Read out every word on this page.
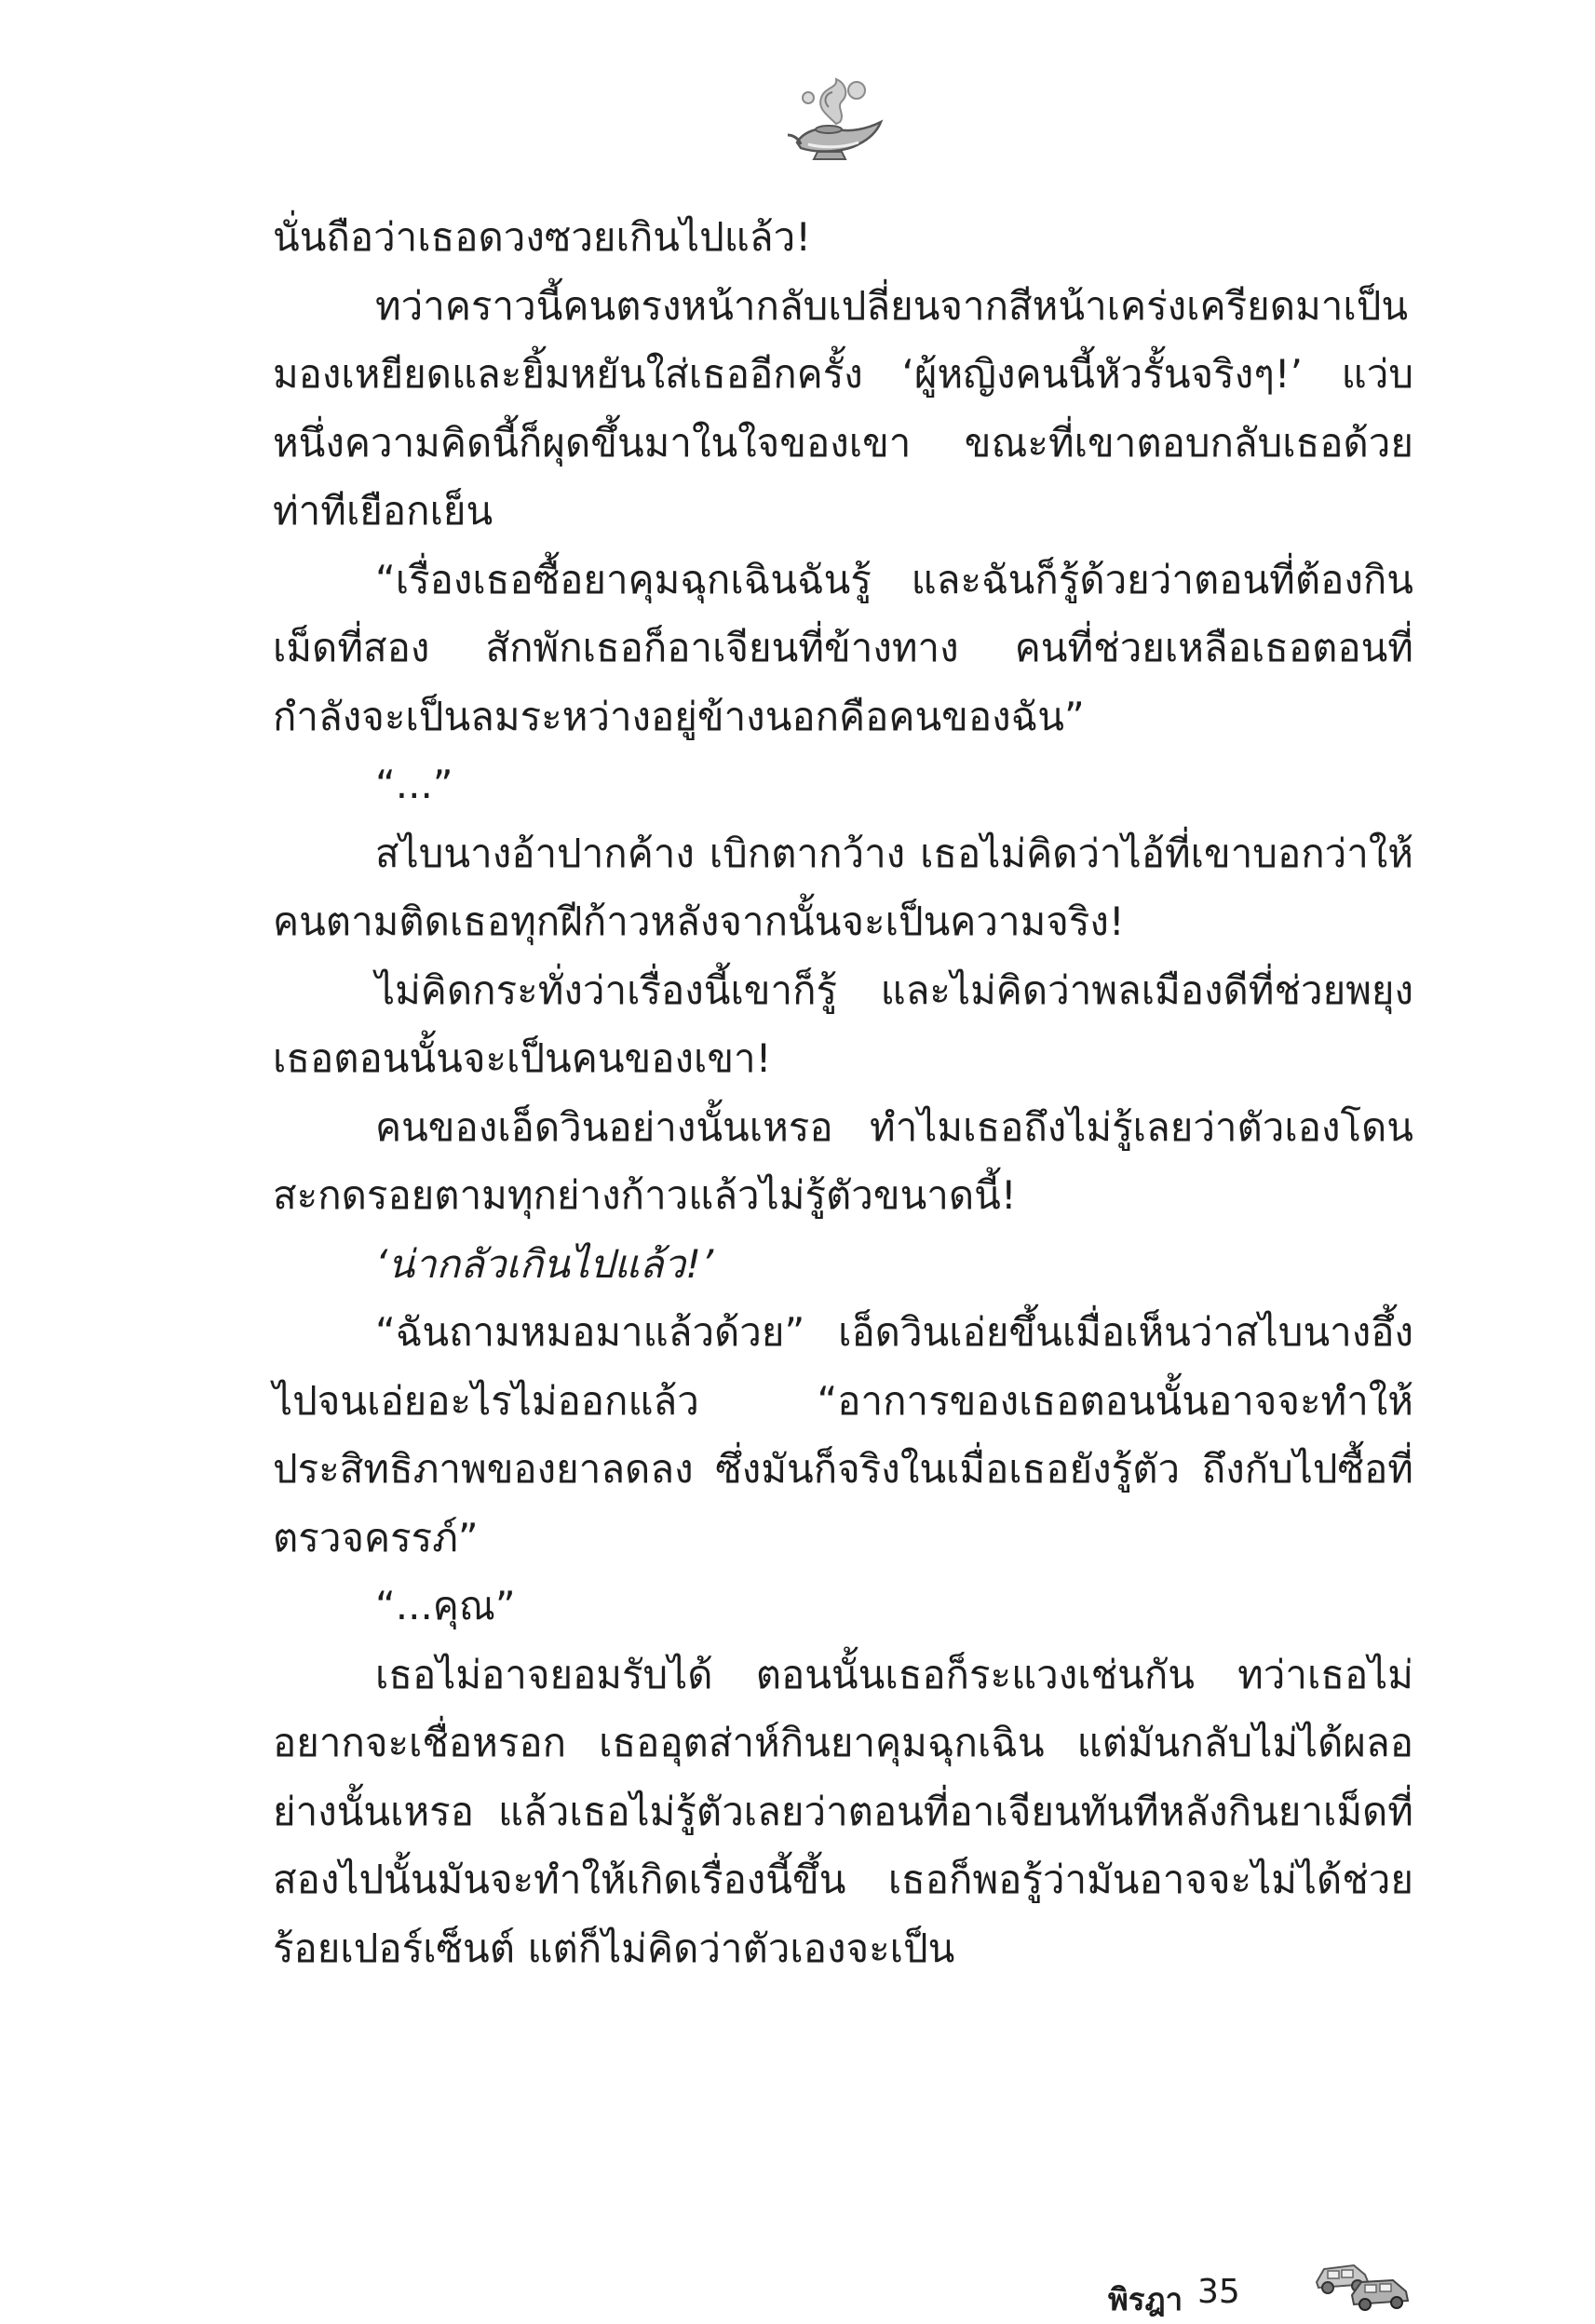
นั่นถือว่าเธอดวงซวยเกินไปแล้ว!

ทว่าคราวนี้คนตรงหน้ากลับเปลี่ยนจากสีหน้าเคร่งเครียดมาเป็นมองเหยียดและยิ้มหยันใส่เธออีกครั้ง ‘ผู้หญิงคนนี้หัวรั้นจริงๆ!’ แว่บหนึ่งความคิดนี้ก็ผุดขึ้นมาในใจของเขา ขณะที่เขาตอบกลับเธอด้วยท่าทีเยือกเย็น

“เรื่องเธอซื้อยาคุมฉุกเฉินฉันรู้ และฉันก็รู้ด้วยว่าตอนที่ต้องกินเม็ดที่สอง สักพักเธอก็อาเจียนที่ข้างทาง คนที่ช่วยเหลือเธอตอนที่กำลังจะเป็นลมระหว่างอยู่ข้างนอกคือคนของฉัน”

“...”

สไบนางอ้าปากค้าง เบิกตากว้าง เธอไม่คิดว่าไอ้ที่เขาบอกว่าให้คนตามติดเธอทุกฝีก้าวหลังจากนั้นจะเป็นความจริง!

ไม่คิดกระทั่งว่าเรื่องนี้เขาก็รู้ และไม่คิดว่าพลเมืองดีที่ช่วยพยุงเธอตอนนั้นจะเป็นคนของเขา!

คนของเอ็ดวินอย่างนั้นเหรอ ทำไมเธอถึงไม่รู้เลยว่าตัวเองโดนสะกดรอยตามทุกย่างก้าวแล้วไม่รู้ตัวขนาดนี้!

‘น่ากลัวเกินไปแล้ว!’

“ฉันถามหมอมาแล้วด้วย” เอ็ดวินเอ่ยขึ้นเมื่อเห็นว่าสไบนางอึ้งไปจนเอ่ยอะไรไม่ออกแล้ว “อาการของเธอตอนนั้นอาจจะทำให้ประสิทธิภาพของยาลดลง ซึ่งมันก็จริงในเมื่อเธอยังรู้ตัว ถึงกับไปซื้อที่ตรวจครรภ์”

“...คุณ”

เธอไม่อาจยอมรับได้ ตอนนั้นเธอก็ระแวงเช่นกัน ทว่าเธอไม่อยากจะเชื่อหรอก เธออุตส่าห์กินยาคุมฉุกเฉิน แต่มันกลับไม่ได้ผลอย่างนั้นเหรอ แล้วเธอไม่รู้ตัวเลยว่าตอนที่อาเจียนทันทีหลังกินยาเม็ดที่สองไปนั้นมันจะทำให้เกิดเรื่องนี้ขึ้น เธอก็พอรู้ว่ามันอาจจะไม่ได้ช่วยร้อยเปอร์เซ็นต์ แต่ก็ไม่คิดว่าตัวเองจะเป็น

พิรฎา 35
